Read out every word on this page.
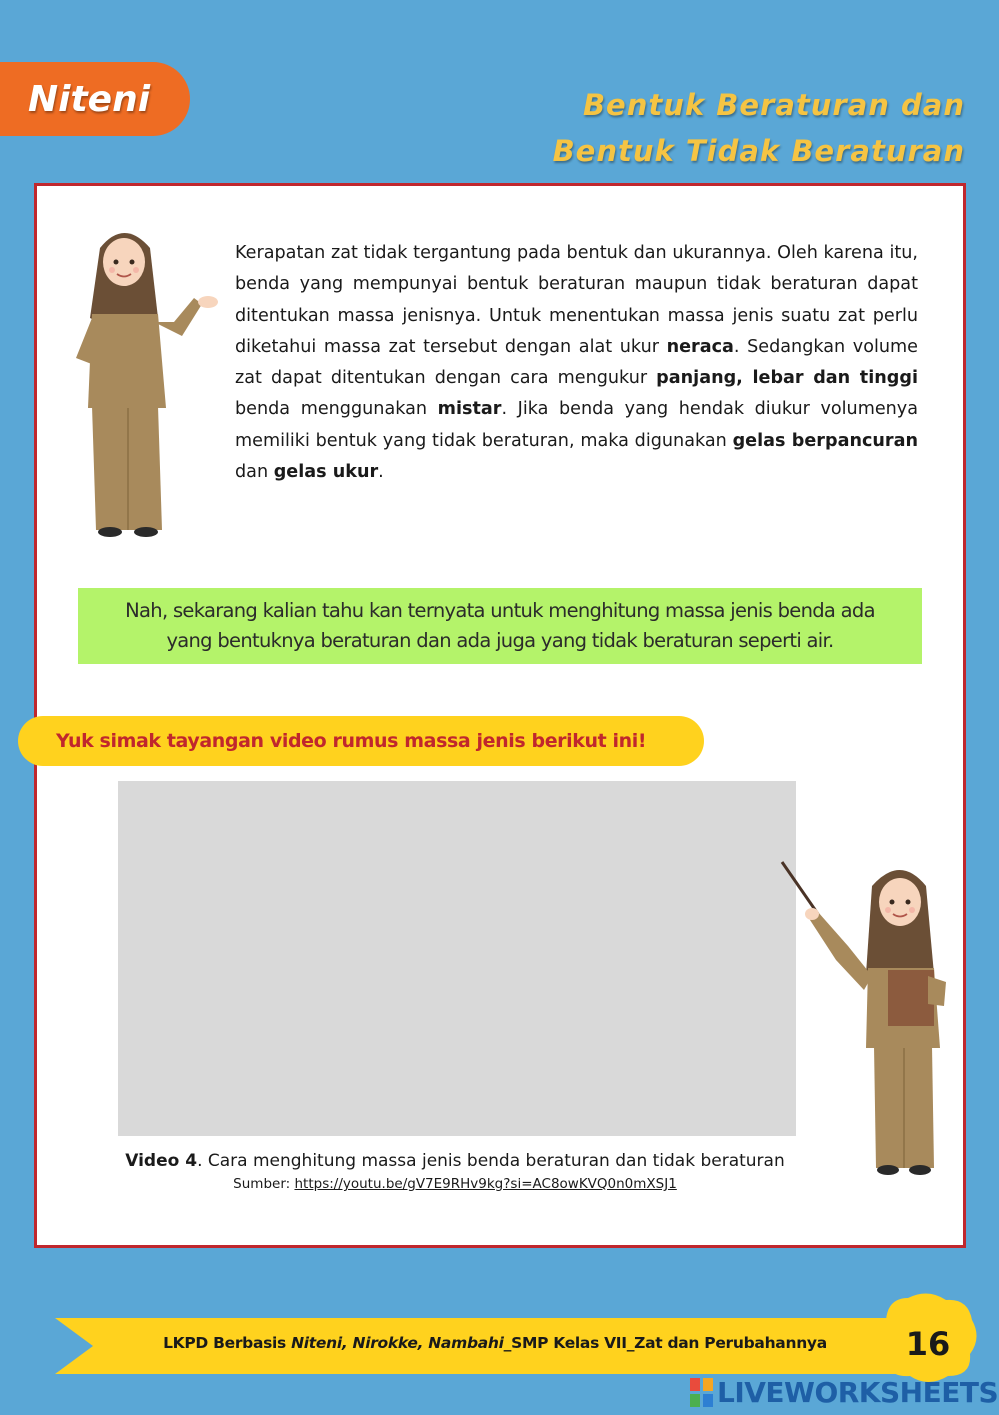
Niteni	Bentuk Beraturan dan
Bentuk Tidak Beraturan

Kerapatan zat tidak tergantung pada bentuk dan ukurannya. Oleh karena itu, benda yang mempunyai bentuk beraturan maupun tidak beraturan dapat ditentukan massa jenisnya. Untuk menentukan massa jenis suatu zat perlu diketahui massa zat tersebut dengan alat ukur neraca. Sedangkan volume zat dapat ditentukan dengan cara mengukur panjang, lebar dan tinggi benda menggunakan mistar. Jika benda yang hendak diukur volumenya memiliki bentuk yang tidak beraturan, maka digunakan gelas berpancuran dan gelas ukur.

Nah, sekarang kalian tahu kan ternyata untuk menghitung massa jenis benda ada
yang bentuknya beraturan dan ada juga yang tidak beraturan seperti air.
Yuk simak tayangan video rumus massa jenis berikut ini!
Video 4. Cara menghitung massa jenis benda beraturan dan tidak beraturan
Sumber: https://youtu.be/gV7E9RHv9kg?si=AC8owKVQ0n0mXSJ1
LKPD Berbasis Niteni, Nirokke, Nambahi_SMP Kelas VII_Zat dan Perubahannya	16
LIVEWORKSHEETS
